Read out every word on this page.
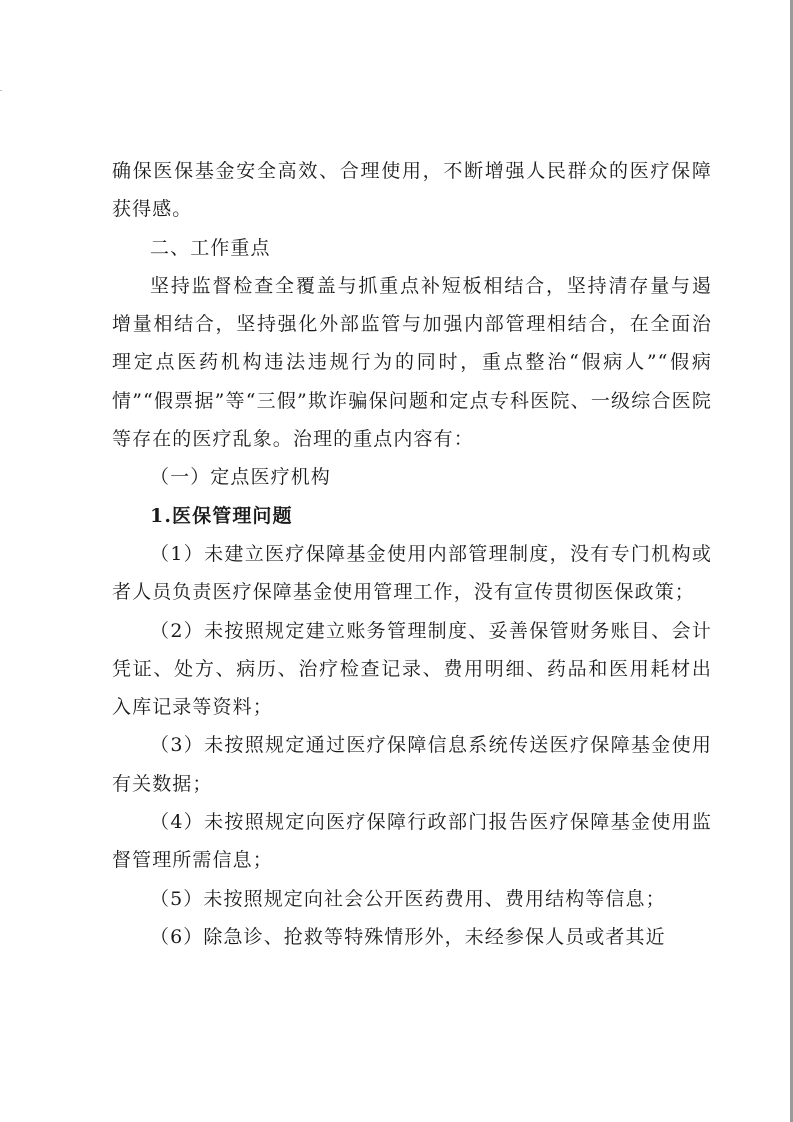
确保医保基金安全高效、合理使用，不断增强人民群众的医疗保障获得感。

二、工作重点

坚持监督检查全覆盖与抓重点补短板相结合，坚持清存量与遏增量相结合，坚持强化外部监管与加强内部管理相结合，在全面治理定点医药机构违法违规行为的同时，重点整治“假病人”“假病情”“假票据”等“三假”欺诈骗保问题和定点专科医院、一级综合医院等存在的医疗乱象。治理的重点内容有：

（一）定点医疗机构

1.医保管理问题

（1）未建立医疗保障基金使用内部管理制度，没有专门机构或者人员负责医疗保障基金使用管理工作，没有宣传贯彻医保政策；

（2）未按照规定建立账务管理制度、妥善保管财务账目、会计凭证、处方、病历、治疗检查记录、费用明细、药品和医用耗材出入库记录等资料；

（3）未按照规定通过医疗保障信息系统传送医疗保障基金使用有关数据；

（4）未按照规定向医疗保障行政部门报告医疗保障基金使用监督管理所需信息；

（5）未按照规定向社会公开医药费用、费用结构等信息；

（6）除急诊、抢救等特殊情形外，未经参保人员或者其近
